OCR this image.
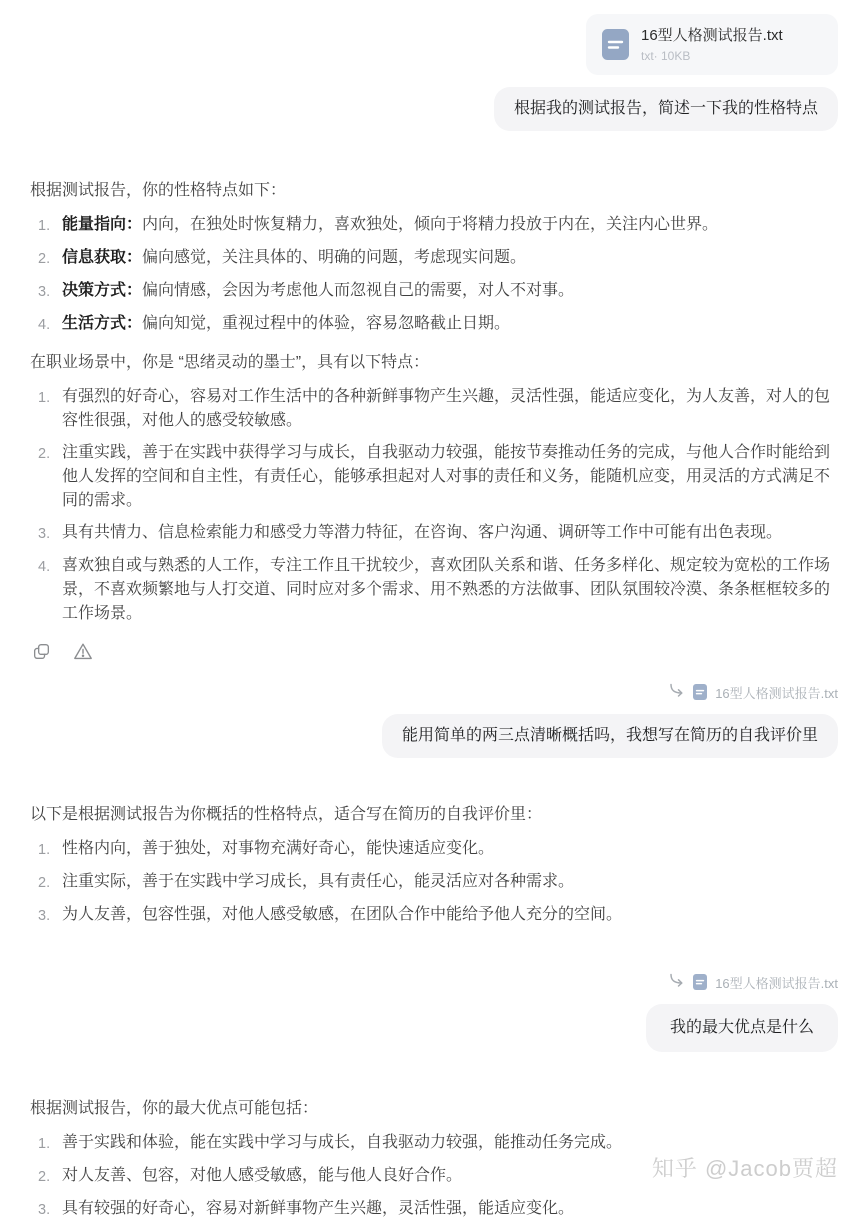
16型人格测试报告.txt
txt· 10KB
根据我的测试报告，简述一下我的性格特点

根据测试报告，你的性格特点如下：

1. 能量指向：内向，在独处时恢复精力，喜欢独处，倾向于将精力投放于内在，关注内心世界。
2. 信息获取：偏向感觉，关注具体的、明确的问题，考虑现实问题。
3. 决策方式：偏向情感，会因为考虑他人而忽视自己的需要，对人不对事。
4. 生活方式：偏向知觉，重视过程中的体验，容易忽略截止日期。

在职业场景中，你是 “思绪灵动的墨士”，具有以下特点：

1. 有强烈的好奇心，容易对工作生活中的各种新鲜事物产生兴趣，灵活性强，能适应变化，为人友善，对人的包容性很强，对他人的感受较敏感。
2. 注重实践，善于在实践中获得学习与成长，自我驱动力较强，能按节奏推动任务的完成，与他人合作时能给到他人发挥的空间和自主性，有责任心，能够承担起对人对事的责任和义务，能随机应变，用灵活的方式满足不同的需求。
3. 具有共情力、信息检索能力和感受力等潜力特征，在咨询、客户沟通、调研等工作中可能有出色表现。
4. 喜欢独自或与熟悉的人工作，专注工作且干扰较少，喜欢团队关系和谐、任务多样化、规定较为宽松的工作场景，不喜欢频繁地与人打交道、同时应对多个需求、用不熟悉的方法做事、团队氛围较冷漠、条条框框较多的工作场景。
16型人格测试报告.txt
能用简单的两三点清晰概括吗，我想写在简历的自我评价里

以下是根据测试报告为你概括的性格特点，适合写在简历的自我评价里：

1. 性格内向，善于独处，对事物充满好奇心，能快速适应变化。
2. 注重实际，善于在实践中学习成长，具有责任心，能灵活应对各种需求。
3. 为人友善，包容性强，对他人感受敏感，在团队合作中能给予他人充分的空间。
16型人格测试报告.txt
我的最大优点是什么

根据测试报告，你的最大优点可能包括：

1. 善于实践和体验，能在实践中学习与成长，自我驱动力较强，能推动任务完成。
2. 对人友善、包容，对他人感受敏感，能与他人良好合作。
3. 具有较强的好奇心，容易对新鲜事物产生兴趣，灵活性强，能适应变化。
知乎 @Jacob贾超
